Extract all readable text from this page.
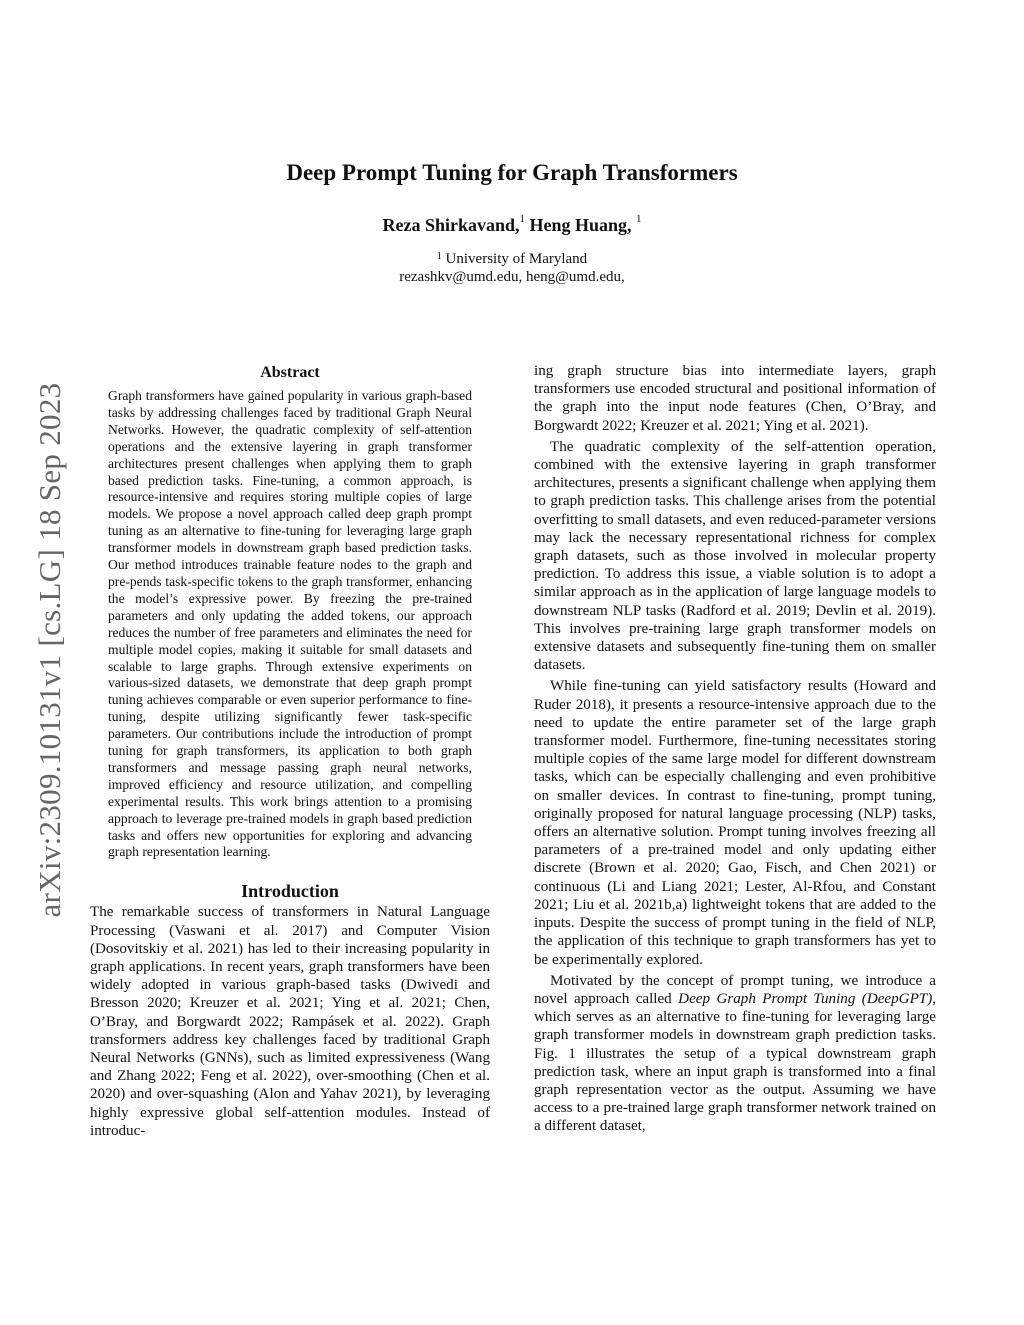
arXiv:2309.10131v1 [cs.LG] 18 Sep 2023
Deep Prompt Tuning for Graph Transformers
Reza Shirkavand,$^1$ Heng Huang, $^1$
$^1$ University of Maryland
rezashkv@umd.edu, heng@umd.edu,
Abstract

Graph transformers have gained popularity in various graph-based tasks by addressing challenges faced by traditional Graph Neural Networks. However, the quadratic complexity of self-attention operations and the extensive layering in graph transformer architectures present challenges when applying them to graph based prediction tasks. Fine-tuning, a common approach, is resource-intensive and requires storing multiple copies of large models. We propose a novel approach called deep graph prompt tuning as an alternative to fine-tuning for leveraging large graph transformer models in downstream graph based prediction tasks. Our method introduces trainable feature nodes to the graph and pre-pends task-specific tokens to the graph transformer, enhancing the model’s expressive power. By freezing the pre-trained parameters and only updating the added tokens, our approach reduces the number of free parameters and eliminates the need for multiple model copies, making it suitable for small datasets and scalable to large graphs. Through extensive experiments on various-sized datasets, we demonstrate that deep graph prompt tuning achieves comparable or even superior performance to fine-tuning, despite utilizing significantly fewer task-specific parameters. Our contributions include the introduction of prompt tuning for graph transformers, its application to both graph transformers and message passing graph neural networks, improved efficiency and resource utilization, and compelling experimental results. This work brings attention to a promising approach to leverage pre-trained models in graph based prediction tasks and offers new opportunities for exploring and advancing graph representation learning.

Introduction

The remarkable success of transformers in Natural Language Processing (Vaswani et al. 2017) and Computer Vision (Dosovitskiy et al. 2021) has led to their increasing popularity in graph applications. In recent years, graph transformers have been widely adopted in various graph-based tasks (Dwivedi and Bresson 2020; Kreuzer et al. 2021; Ying et al. 2021; Chen, O’Bray, and Borgwardt 2022; Rampásek et al. 2022). Graph transformers address key challenges faced by traditional Graph Neural Networks (GNNs), such as limited expressiveness (Wang and Zhang 2022; Feng et al. 2022), over-smoothing (Chen et al. 2020) and over-squashing (Alon and Yahav 2021), by leveraging highly expressive global self-attention modules. Instead of introduc-

ing graph structure bias into intermediate layers, graph transformers use encoded structural and positional information of the graph into the input node features (Chen, O’Bray, and Borgwardt 2022; Kreuzer et al. 2021; Ying et al. 2021).

The quadratic complexity of the self-attention operation, combined with the extensive layering in graph transformer architectures, presents a significant challenge when applying them to graph prediction tasks. This challenge arises from the potential overfitting to small datasets, and even reduced-parameter versions may lack the necessary representational richness for complex graph datasets, such as those involved in molecular property prediction. To address this issue, a viable solution is to adopt a similar approach as in the application of large language models to downstream NLP tasks (Radford et al. 2019; Devlin et al. 2019). This involves pre-training large graph transformer models on extensive datasets and subsequently fine-tuning them on smaller datasets.

While fine-tuning can yield satisfactory results (Howard and Ruder 2018), it presents a resource-intensive approach due to the need to update the entire parameter set of the large graph transformer model. Furthermore, fine-tuning necessitates storing multiple copies of the same large model for different downstream tasks, which can be especially challenging and even prohibitive on smaller devices. In contrast to fine-tuning, prompt tuning, originally proposed for natural language processing (NLP) tasks, offers an alternative solution. Prompt tuning involves freezing all parameters of a pre-trained model and only updating either discrete (Brown et al. 2020; Gao, Fisch, and Chen 2021) or continuous (Li and Liang 2021; Lester, Al-Rfou, and Constant 2021; Liu et al. 2021b,a) lightweight tokens that are added to the inputs. Despite the success of prompt tuning in the field of NLP, the application of this technique to graph transformers has yet to be experimentally explored.

Motivated by the concept of prompt tuning, we introduce a novel approach called Deep Graph Prompt Tuning (DeepGPT), which serves as an alternative to fine-tuning for leveraging large graph transformer models in downstream graph prediction tasks. Fig. 1 illustrates the setup of a typical downstream graph prediction task, where an input graph is transformed into a final graph representation vector as the output. Assuming we have access to a pre-trained large graph transformer network trained on a different dataset,
